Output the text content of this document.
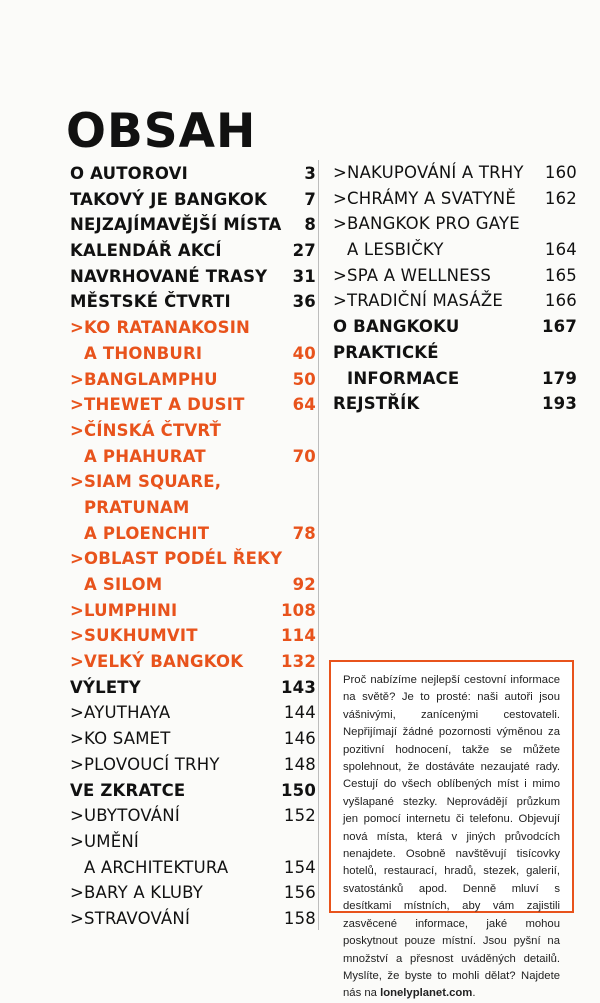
OBSAH
O AUTOROVI	3
TAKOVÝ JE BANGKOK 7
NEJZAJÍMAVĚJŠÍ MÍSTA 8
KALENDÁŘ AKCÍ	27
NAVRHOVANÉ TRASY 31
MĚSTSKÉ ČTVRTI	36
>KO RATANAKOSIN
A THONBURI	40
>BANGLAMPHU	50
>THEWET A DUSIT	64
>ČÍNSKÁ ČTVRŤ
A PHAHURAT	70
>SIAM SQUARE,
PRATUNAM
A PLOENCHIT	78
>OBLAST PODÉL ŘEKY
A SILOM	92
>LUMPHINI	108
>SUKHUMVIT	114
>VELKÝ BANGKOK 132
VÝLETY	143
>AYUTHAYA	144
>KO SAMET	146
>PLOVOUCÍ TRHY	148
VE ZKRATCE	150
>UBYTOVÁNÍ	152
>UMĚNÍ
A ARCHITEKTURA	154
>BARY A KLUBY	156
>STRAVOVÁNÍ	158
>NAKUPOVÁNÍ A TRHY 160
>CHRÁMY A SVATYNĚ 162
>BANGKOK PRO GAYE
A LESBIČKY	164
>SPA A WELLNESS	165
>TRADIČNÍ MASÁŽE	166
O BANGKOKU	167
PRAKTICKÉ
INFORMACE	179
REJSTŘÍK	193
Proč nabízíme nejlepší cestovní informace na světě? Je to prosté: naši autoři jsou vášnivými, zanícenými cestovateli. Nepřijímají žádné pozornosti výměnou za pozitivní hodnocení, takže se můžete spolehnout, že dostáváte nezaujaté rady. Cestují do všech oblíbených míst i mimo vyšlapané stezky. Neprovádějí průzkum jen pomocí internetu či telefonu. Objevují nová místa, která v jiných průvodcích nenajdete. Osobně navštěvují tisícovky hotelů, restaurací, hradů, stezek, galerií, svatostánků apod. Denně mluví s desítkami místních, aby vám zajistili zasvěcené informace, jaké mohou poskytnout pouze místní. Jsou pyšní na množství a přesnost uváděných detailů. Myslíte, že byste to mohli dělat? Najdete nás na lonelyplanet.com.
